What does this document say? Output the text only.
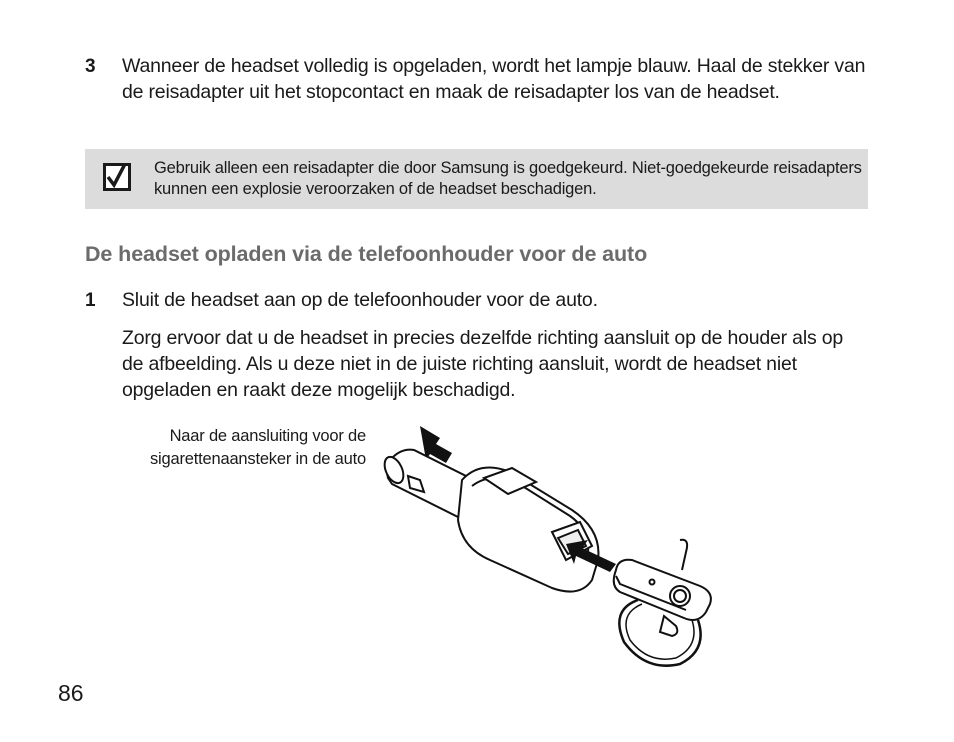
3 Wanneer de headset volledig is opgeladen, wordt het lampje blauw. Haal de stekker van de reisadapter uit het stopcontact en maak de reisadapter los van de headset.
Gebruik alleen een reisadapter die door Samsung is goedgekeurd. Niet-goedgekeurde reisadapters kunnen een explosie veroorzaken of de headset beschadigen.
De headset opladen via de telefoonhouder voor de auto
1 Sluit de headset aan op de telefoonhouder voor de auto.
Zorg ervoor dat u de headset in precies dezelfde richting aansluit op de houder als op de afbeelding. Als u deze niet in de juiste richting aansluit, wordt de headset niet opgeladen en raakt deze mogelijk beschadigd.
Naar de aansluiting voor de
sigarettenaansteker in de auto
86
